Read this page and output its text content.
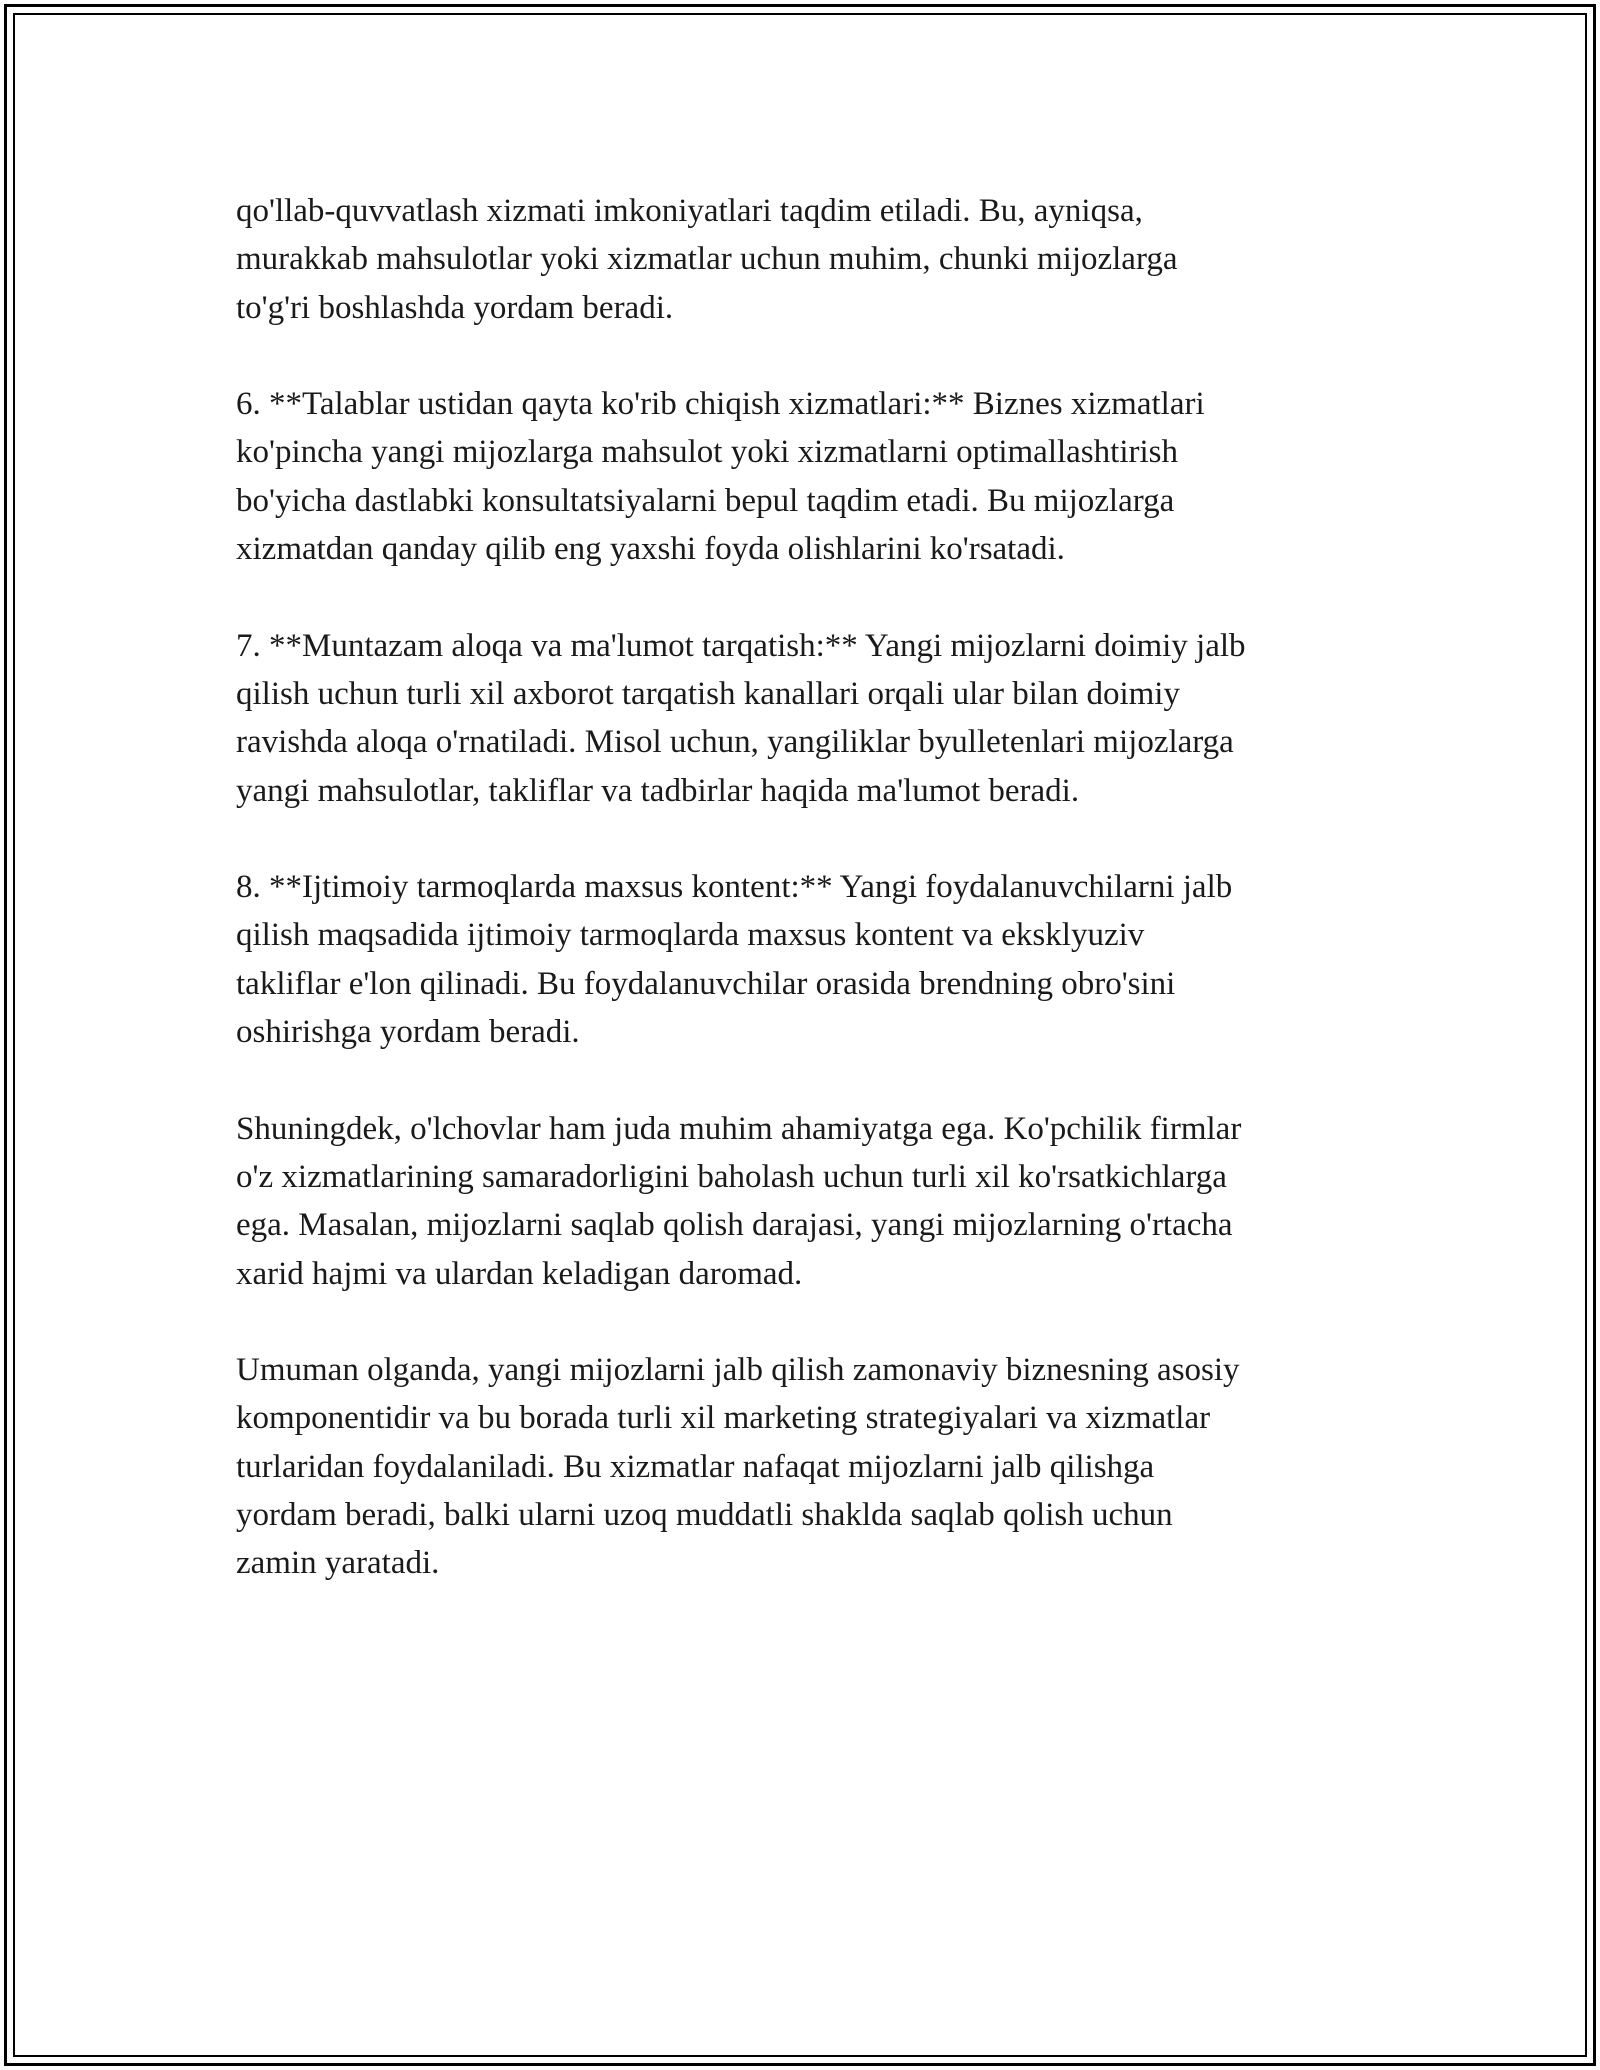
qo'llab-quvvatlash xizmati imkoniyatlari taqdim etiladi. Bu, ayniqsa,
murakkab mahsulotlar yoki xizmatlar uchun muhim, chunki mijozlarga
to'g'ri boshlashda yordam beradi.

6. **Talablar ustidan qayta ko'rib chiqish xizmatlari:** Biznes xizmatlari
ko'pincha yangi mijozlarga mahsulot yoki xizmatlarni optimallashtirish
bo'yicha dastlabki konsultatsiyalarni bepul taqdim etadi. Bu mijozlarga
xizmatdan qanday qilib eng yaxshi foyda olishlarini ko'rsatadi.

7. **Muntazam aloqa va ma'lumot tarqatish:** Yangi mijozlarni doimiy jalb
qilish uchun turli xil axborot tarqatish kanallari orqali ular bilan doimiy
ravishda aloqa o'rnatiladi. Misol uchun, yangiliklar byulletenlari mijozlarga
yangi mahsulotlar, takliflar va tadbirlar haqida ma'lumot beradi.

8. **Ijtimoiy tarmoqlarda maxsus kontent:** Yangi foydalanuvchilarni jalb
qilish maqsadida ijtimoiy tarmoqlarda maxsus kontent va eksklyuziv
takliflar e'lon qilinadi. Bu foydalanuvchilar orasida brendning obro'sini
oshirishga yordam beradi.

Shuningdek, o'lchovlar ham juda muhim ahamiyatga ega. Ko'pchilik firmlar
o'z xizmatlarining samaradorligini baholash uchun turli xil ko'rsatkichlarga
ega. Masalan, mijozlarni saqlab qolish darajasi, yangi mijozlarning o'rtacha
xarid hajmi va ulardan keladigan daromad.

Umuman olganda, yangi mijozlarni jalb qilish zamonaviy biznesning asosiy
komponentidir va bu borada turli xil marketing strategiyalari va xizmatlar
turlaridan foydalaniladi. Bu xizmatlar nafaqat mijozlarni jalb qilishga
yordam beradi, balki ularni uzoq muddatli shaklda saqlab qolish uchun
zamin yaratadi.
